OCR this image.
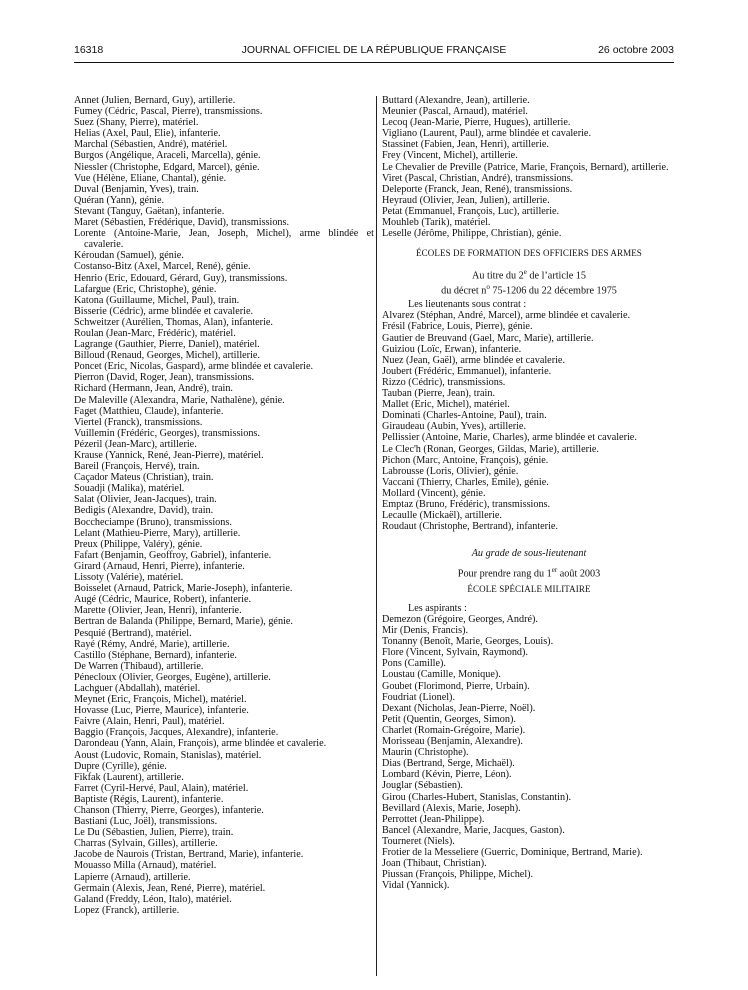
16318	JOURNAL OFFICIEL DE LA RÉPUBLIQUE FRANÇAISE	26 octobre 2003

Annet (Julien, Bernard, Guy), artillerie.

Fumey (Cédric, Pascal, Pierre), transmissions.

Suez (Shany, Pierre), matériel.

Helias (Axel, Paul, Elie), infanterie.

Marchal (Sébastien, André), matériel.

Burgos (Angélique, Araceli, Marcella), génie.

Niessler (Christophe, Edgard, Marcel), génie.

Vue (Hélène, Eliane, Chantal), génie.

Duval (Benjamin, Yves), train.

Quéran (Yann), génie.

Stevant (Tanguy, Gaëtan), infanterie.

Maret (Sébastien, Frédérique, David), transmissions.

Lorente (Antoine-Marie, Jean, Joseph, Michel), arme blindée et cavalerie.

Kéroudan (Samuel), génie.

Costanso-Bitz (Axel, Marcel, René), génie.

Henrio (Eric, Edouard, Gérard, Guy), transmissions.

Lafargue (Eric, Christophe), génie.

Katona (Guillaume, Michel, Paul), train.

Bisserie (Cédric), arme blindée et cavalerie.

Schweitzer (Aurélien, Thomas, Alan), infanterie.

Roulan (Jean-Marc, Frédéric), matériel.

Lagrange (Gauthier, Pierre, Daniel), matériel.

Billoud (Renaud, Georges, Michel), artillerie.

Poncet (Eric, Nicolas, Gaspard), arme blindée et cavalerie.

Pierron (David, Roger, Jean), transmissions.

Richard (Hermann, Jean, André), train.

De Maleville (Alexandra, Marie, Nathalène), génie.

Faget (Matthieu, Claude), infanterie.

Viertel (Franck), transmissions.

Vuillemin (Frédéric, Georges), transmissions.

Pézeril (Jean-Marc), artillerie.

Krause (Yannick, René, Jean-Pierre), matériel.

Bareil (François, Hervé), train.

Caçador Mateus (Christian), train.

Souadji (Malika), matériel.

Salat (Olivier, Jean-Jacques), train.

Bedigis (Alexandre, David), train.

Boccheciampe (Bruno), transmissions.

Lelant (Mathieu-Pierre, Mary), artillerie.

Preux (Philippe, Valéry), génie.

Fafart (Benjamin, Geoffroy, Gabriel), infanterie.

Girard (Arnaud, Henri, Pierre), infanterie.

Lissoty (Valérie), matériel.

Boisselet (Arnaud, Patrick, Marie-Joseph), infanterie.

Augé (Cédric, Maurice, Robert), infanterie.

Marette (Olivier, Jean, Henri), infanterie.

Bertran de Balanda (Philippe, Bernard, Marie), génie.

Pesquié (Bertrand), matériel.

Rayé (Rémy, André, Marie), artillerie.

Castillo (Stéphane, Bernard), infanterie.

De Warren (Thibaud), artillerie.

Pénecloux (Olivier, Georges, Eugène), artillerie.

Lachguer (Abdallah), matériel.

Meynet (Eric, François, Michel), matériel.

Hovasse (Luc, Pierre, Maurice), infanterie.

Faivre (Alain, Henri, Paul), matériel.

Baggio (François, Jacques, Alexandre), infanterie.

Darondeau (Yann, Alain, François), arme blindée et cavalerie.

Aoust (Ludovic, Romain, Stanislas), matériel.

Dupre (Cyrille), génie.

Fikfak (Laurent), artillerie.

Farret (Cyril-Hervé, Paul, Alain), matériel.

Baptiste (Régis, Laurent), infanterie.

Chanson (Thierry, Pierre, Georges), infanterie.

Bastiani (Luc, Joël), transmissions.

Le Du (Sébastien, Julien, Pierre), train.

Charras (Sylvain, Gilles), artillerie.

Jacobe de Naurois (Tristan, Bertrand, Marie), infanterie.

Mouasso Milla (Arnaud), matériel.

Lapierre (Arnaud), artillerie.

Germain (Alexis, Jean, René, Pierre), matériel.

Galand (Freddy, Léon, Italo), matériel.

Lopez (Franck), artillerie.

Buttard (Alexandre, Jean), artillerie.

Meunier (Pascal, Arnaud), matériel.

Lecoq (Jean-Marie, Pierre, Hugues), artillerie.

Vigliano (Laurent, Paul), arme blindée et cavalerie.

Stassinet (Fabien, Jean, Henri), artillerie.

Frey (Vincent, Michel), artillerie.

Le Chevalier de Preville (Patrice, Marie, François, Bernard), artillerie.

Viret (Pascal, Christian, André), transmissions.

Deleporte (Franck, Jean, René), transmissions.

Heyraud (Olivier, Jean, Julien), artillerie.

Petat (Emmanuel, François, Luc), artillerie.

Mouhleb (Tarik), matériel.

Leselle (Jérôme, Philippe, Christian), génie.

ÉCOLES DE FORMATION DES OFFICIERS DES ARMES

Au titre du 2e de l’article 15

du décret $n^o$ 75-1206 du 22 décembre 1975

Les lieutenants sous contrat :

Alvarez (Stéphan, André, Marcel), arme blindée et cavalerie.

Frésil (Fabrice, Louis, Pierre), génie.

Gautier de Breuvand (Gael, Marc, Marie), artillerie.

Guiziou (Loïc, Erwan), infanterie.

Nuez (Jean, Gaël), arme blindée et cavalerie.

Joubert (Frédéric, Emmanuel), infanterie.

Rizzo (Cédric), transmissions.

Tauban (Pierre, Jean), train.

Mallet (Eric, Michel), matériel.

Dominati (Charles-Antoine, Paul), train.

Giraudeau (Aubin, Yves), artillerie.

Pellissier (Antoine, Marie, Charles), arme blindée et cavalerie.

Le Clec'h (Ronan, Georges, Gildas, Marie), artillerie.

Pichon (Marc, Antoine, François), génie.

Labrousse (Loris, Olivier), génie.

Vaccani (Thierry, Charles, Emile), génie.

Mollard (Vincent), génie.

Emptaz (Bruno, Frédéric), transmissions.

Lecaulle (Mickaël), artillerie.

Roudaut (Christophe, Bertrand), infanterie.

Au grade de sous-lieutenant

Pour prendre rang du 1er août 2003

ÉCOLE SPÉCIALE MILITAIRE

Les aspirants :

Demezon (Grégoire, Georges, André).

Mir (Denis, Francis).

Tonanny (Benoît, Marie, Georges, Louis).

Flore (Vincent, Sylvain, Raymond).

Pons (Camille).

Loustau (Camille, Monique).

Goubet (Florimond, Pierre, Urbain).

Foudriat (Lionel).

Dexant (Nicholas, Jean-Pierre, Noël).

Petit (Quentin, Georges, Simon).

Charlet (Romain-Grégoire, Marie).

Morisseau (Benjamin, Alexandre).

Maurin (Christophe).

Dias (Bertrand, Serge, Michaël).

Lombard (Kévin, Pierre, Léon).

Jouglar (Sébastien).

Girou (Charles-Hubert, Stanislas, Constantin).

Bevillard (Alexis, Marie, Joseph).

Perrottet (Jean-Philippe).

Bancel (Alexandre, Marie, Jacques, Gaston).

Tourneret (Niels).

Frotier de la Messeliere (Guerric, Dominique, Bertrand, Marie).

Joan (Thibaut, Christian).

Piussan (François, Philippe, Michel).

Vidal (Yannick).
